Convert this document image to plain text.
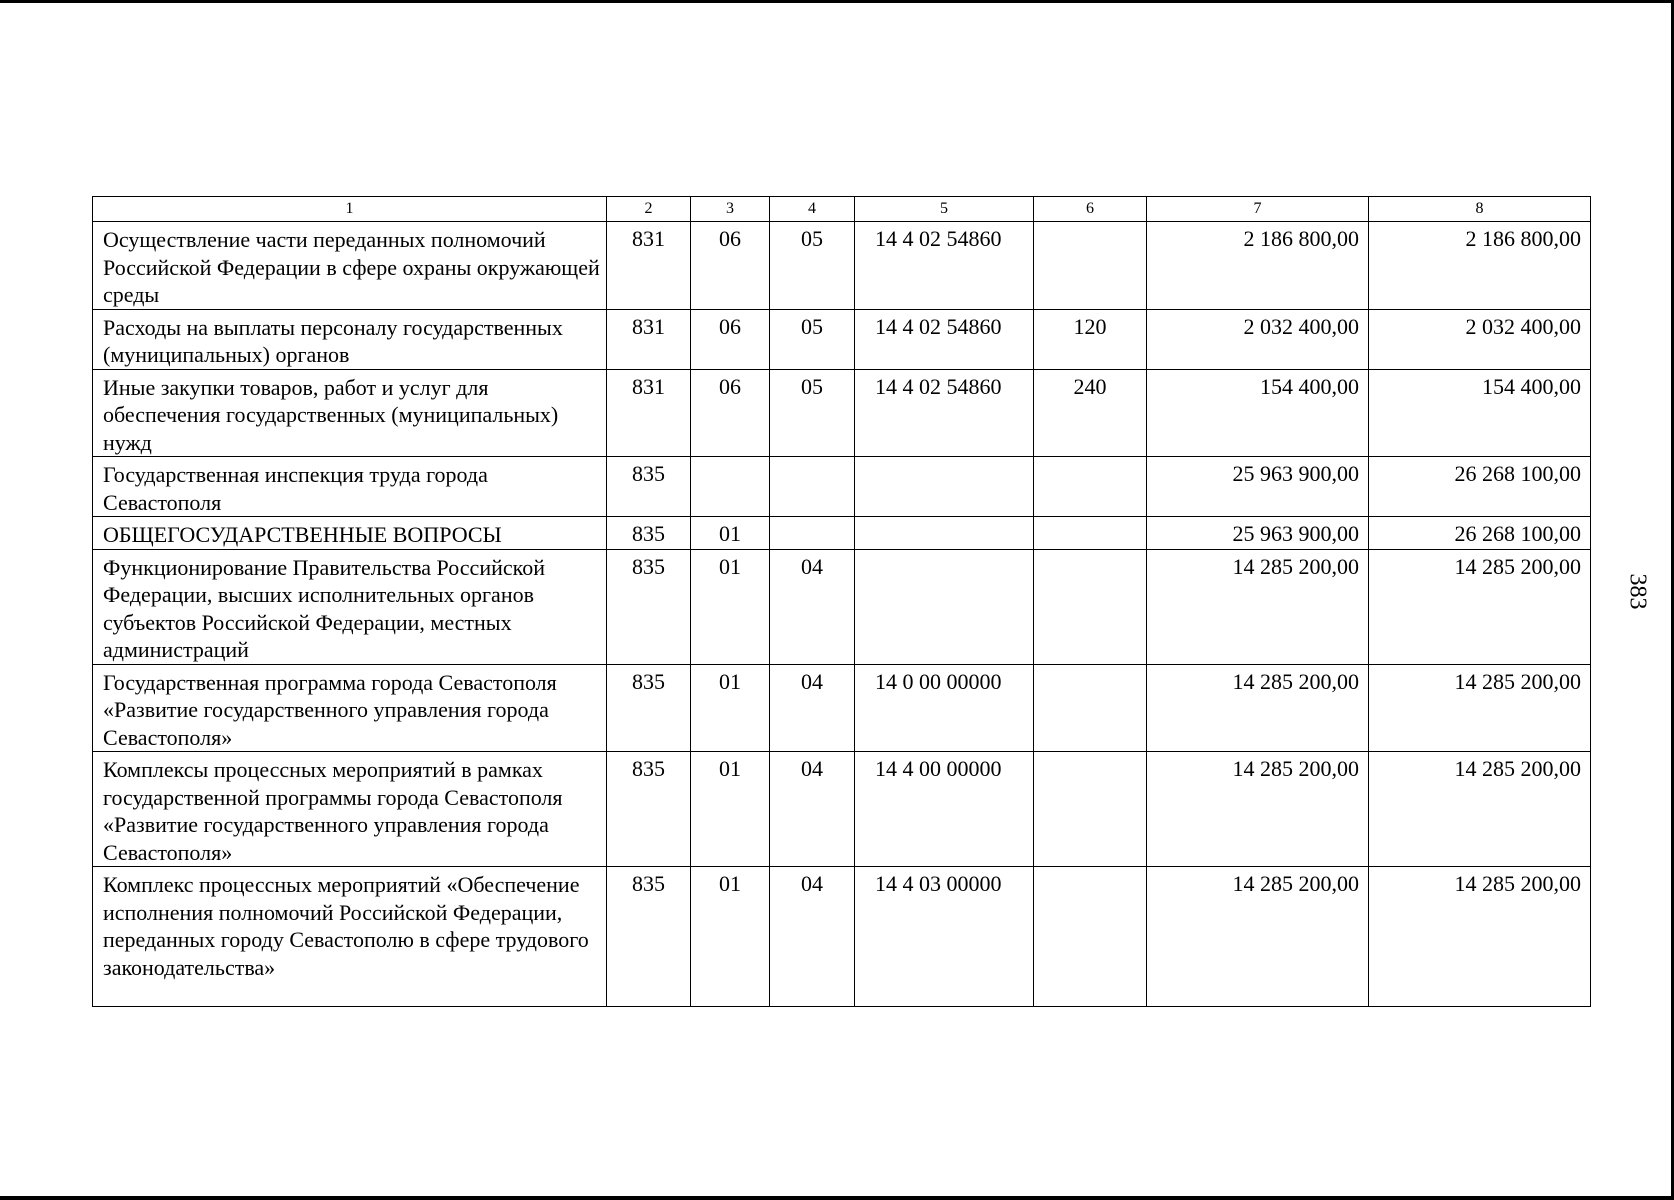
383
1	2	3	4	5	6	7	8
Осуществление части переданных полномочий Российской Федерации в сфере охраны окружающей среды	831	06	05	14 4 02 54860		2 186 800,00	2 186 800,00
Расходы на выплаты персоналу государственных (муниципальных) органов	831	06	05	14 4 02 54860	120	2 032 400,00	2 032 400,00
Иные закупки товаров, работ и услуг для обеспечения государственных (муниципальных) нужд	831	06	05	14 4 02 54860	240	154 400,00	154 400,00
Государственная инспекция труда города Севастополя	835					25 963 900,00	26 268 100,00
ОБЩЕГОСУДАРСТВЕННЫЕ ВОПРОСЫ	835	01				25 963 900,00	26 268 100,00
Функционирование Правительства Российской Федерации, высших исполнительных органов субъектов Российской Федерации, местных администраций	835	01	04			14 285 200,00	14 285 200,00
Государственная программа города Севастополя «Развитие государственного управления города Севастополя»	835	01	04	14 0 00 00000		14 285 200,00	14 285 200,00
Комплексы процессных мероприятий в рамках государственной программы города Севастополя «Развитие государственного управления города Севастополя»	835	01	04	14 4 00 00000		14 285 200,00	14 285 200,00
Комплекс процессных мероприятий «Обеспечение исполнения полномочий Российской Федерации, переданных городу Севастополю в сфере трудового законодательства»	835	01	04	14 4 03 00000		14 285 200,00	14 285 200,00
